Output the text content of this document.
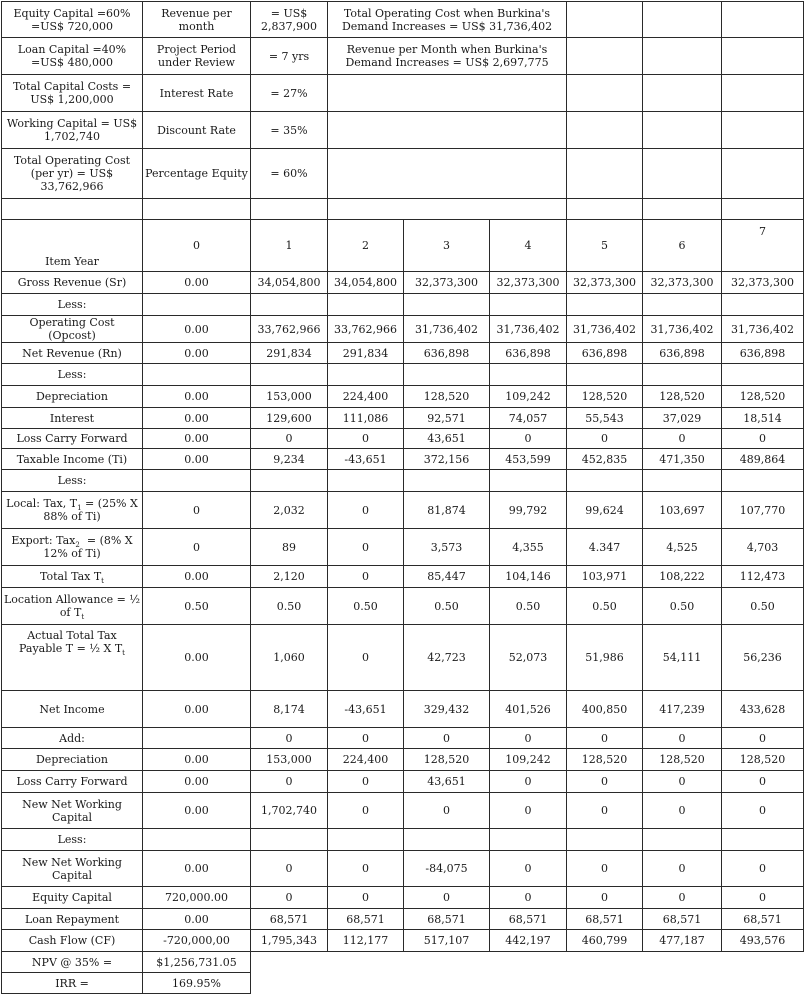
Equity Capital =60% =US$ 720,000	Revenue per month	= US$ 2,837,900	Total Operating Cost when Burkina's Demand Increases = US$ 31,736,402					
Loan Capital =40% =US$ 480,000	Project Period under Review	= 7 yrs	Revenue per Month when Burkina's Demand Increases = US$ 2,697,775					
Total Capital Costs = US$ 1,200,000	Interest Rate	= 27%						
Working Capital = US$ 1,702,740	Discount Rate	= 35%						
Total Operating Cost (per yr) = US$ 33,762,966	Percentage Equity	= 60%						

Item Year	0	1	2	3	4	5	6	7
Gross Revenue (Sr)	0.00	34,054,800	34,054,800	32,373,300	32,373,300	32,373,300	32,373,300	32,373,300
Less:								
Operating Cost (Opcost)	0.00	33,762,966	33,762,966	31,736,402	31,736,402	31,736,402	31,736,402	31,736,402
Net Revenue (Rn)	0.00	291,834	291,834	636,898	636,898	636,898	636,898	636,898
Less:								
Depreciation	0.00	153,000	224,400	128,520	109,242	128,520	128,520	128,520
Interest	0.00	129,600	111,086	92,571	74,057	55,543	37,029	18,514
Loss Carry Forward	0.00	0	0	43,651	0	0	0	0
Taxable Income (Ti)	0.00	9,234	-43,651	372,156	453,599	452,835	471,350	489,864
Less:								
Local: Tax, $T_1 = (25\%$ X 88% of Ti)	0	2,032	0	81,874	99,792	99,624	103,697	107,770
Export: Tax$_2$  = (8% X 12% of Ti)	0	89	0	3,573	4,355	4.347	4,525	4,703
Total Tax $T_t$	0.00	2,120	0	85,447	104,146	103,971	108,222	112,473
Location Allowance = ½ of $T_t$	0.50	0.50	0.50	0.50	0.50	0.50	0.50	0.50
Actual Total Tax Payable T = ½ X $T_t$	0.00	1,060	0	42,723	52,073	51,986	54,111	56,236
Net Income	0.00	8,174	-43,651	329,432	401,526	400,850	417,239	433,628
Add:		0	0	0	0	0	0	0
Depreciation	0.00	153,000	224,400	128,520	109,242	128,520	128,520	128,520
Loss Carry Forward	0.00	0	0	43,651	0	0	0	0
New Net Working Capital	0.00	1,702,740	0	0	0	0	0	0
Less:								
New Net Working Capital	0.00	0	0	-84,075	0	0	0	0
Equity Capital	720,000.00	0	0	0	0	0	0	0
Loan Repayment	0.00	68,571	68,571	68,571	68,571	68,571	68,571	68,571
Cash Flow (CF)	-720,000,00	1,795,343	112,177	517,107	442,197	460,799	477,187	493,576
NPV @ 35% =	$1,256,731.05							
IRR =	169.95%							
